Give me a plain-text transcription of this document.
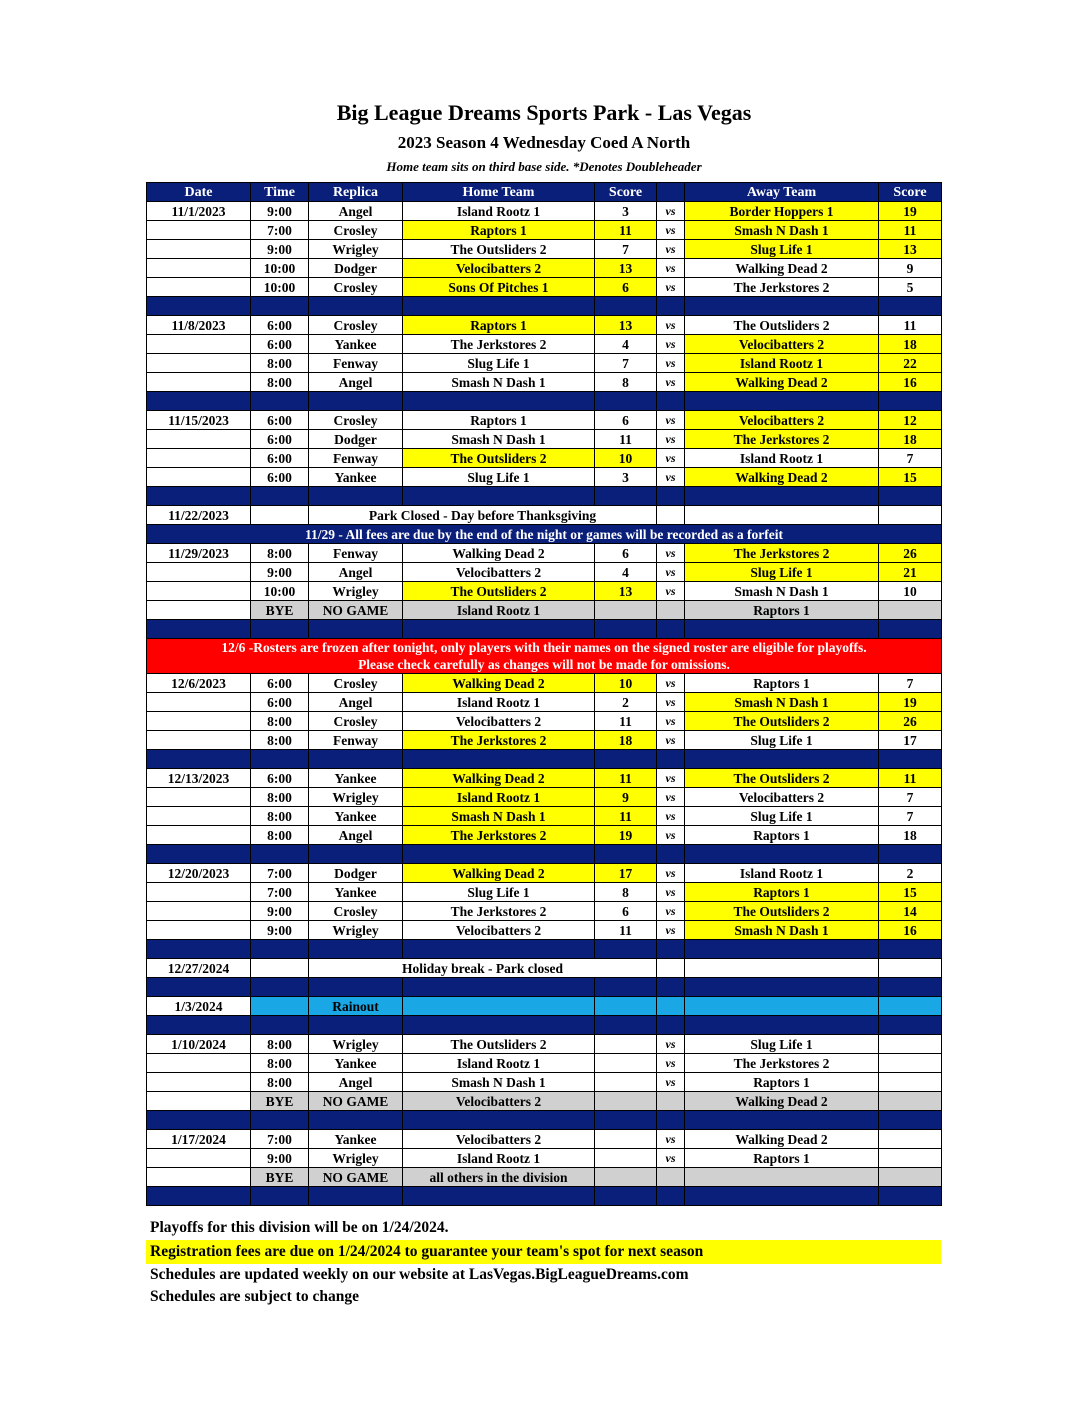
Big League Dreams Sports Park - Las Vegas
2023 Season 4 Wednesday Coed A North
Home team sits on third base side. *Denotes Doubleheader
Date	Time	Replica	Home Team	Score		Away Team	Score
11/1/2023	9:00	Angel	Island Rootz 1	3	vs	Border Hoppers 1	19
	7:00	Crosley	Raptors 1	11	vs	Smash N Dash 1	11
	9:00	Wrigley	The Outsliders 2	7	vs	Slug Life 1	13
	10:00	Dodger	Velocibatters 2	13	vs	Walking Dead 2	9
	10:00	Crosley	Sons Of Pitches 1	6	vs	The Jerkstores 2	5

11/8/2023	6:00	Crosley	Raptors 1	13	vs	The Outsliders 2	11
	6:00	Yankee	The Jerkstores 2	4	vs	Velocibatters 2	18
	8:00	Fenway	Slug Life 1	7	vs	Island Rootz 1	22
	8:00	Angel	Smash N Dash 1	8	vs	Walking Dead 2	16

11/15/2023	6:00	Crosley	Raptors 1	6	vs	Velocibatters 2	12
	6:00	Dodger	Smash N Dash 1	11	vs	The Jerkstores 2	18
	6:00	Fenway	The Outsliders 2	10	vs	Island Rootz 1	7
	6:00	Yankee	Slug Life 1	3	vs	Walking Dead 2	15

11/22/2023		Park Closed - Day before Thanksgiving					
11/29 - All fees are due by the end of the night or games will be recorded as a forfeit							
11/29/2023	8:00	Fenway	Walking Dead 2	6	vs	The Jerkstores 2	26
	9:00	Angel	Velocibatters 2	4	vs	Slug Life 1	21
	10:00	Wrigley	The Outsliders 2	13	vs	Smash N Dash 1	10
	BYE	NO GAME	Island Rootz 1			Raptors 1	

12/6 -Rosters are frozen after tonight, only players with their names on the signed roster are eligible for playoffs.
Please check carefully as changes will not be made for omissions.							

12/6/2023	6:00	Crosley	Walking Dead 2	10	vs	Raptors 1	7
	6:00	Angel	Island Rootz 1	2	vs	Smash N Dash 1	19
	8:00	Crosley	Velocibatters 2	11	vs	The Outsliders 2	26
	8:00	Fenway	The Jerkstores 2	18	vs	Slug Life 1	17

12/13/2023	6:00	Yankee	Walking Dead 2	11	vs	The Outsliders 2	11
	8:00	Wrigley	Island Rootz 1	9	vs	Velocibatters 2	7
	8:00	Yankee	Smash N Dash 1	11	vs	Slug Life 1	7
	8:00	Angel	The Jerkstores 2	19	vs	Raptors 1	18

12/20/2023	7:00	Dodger	Walking Dead 2	17	vs	Island Rootz 1	2
	7:00	Yankee	Slug Life 1	8	vs	Raptors 1	15
	9:00	Crosley	The Jerkstores 2	6	vs	The Outsliders 2	14
	9:00	Wrigley	Velocibatters 2	11	vs	Smash N Dash 1	16

12/27/2024		Holiday break - Park closed					

1/3/2024		Rainout					

1/10/2024	8:00	Wrigley	The Outsliders 2		vs	Slug Life 1	
	8:00	Yankee	Island Rootz 1		vs	The Jerkstores 2	
	8:00	Angel	Smash N Dash 1		vs	Raptors 1	
	BYE	NO GAME	Velocibatters 2			Walking Dead 2	

1/17/2024	7:00	Yankee	Velocibatters 2		vs	Walking Dead 2	
	9:00	Wrigley	Island Rootz 1		vs	Raptors 1	
	BYE	NO GAME	all others in the division				

Playoffs for this division will be on 1/24/2024.
Registration fees are due on 1/24/2024 to guarantee your team's spot for next season
Schedules are updated weekly on our website at LasVegas.BigLeagueDreams.com
Schedules are subject to change
